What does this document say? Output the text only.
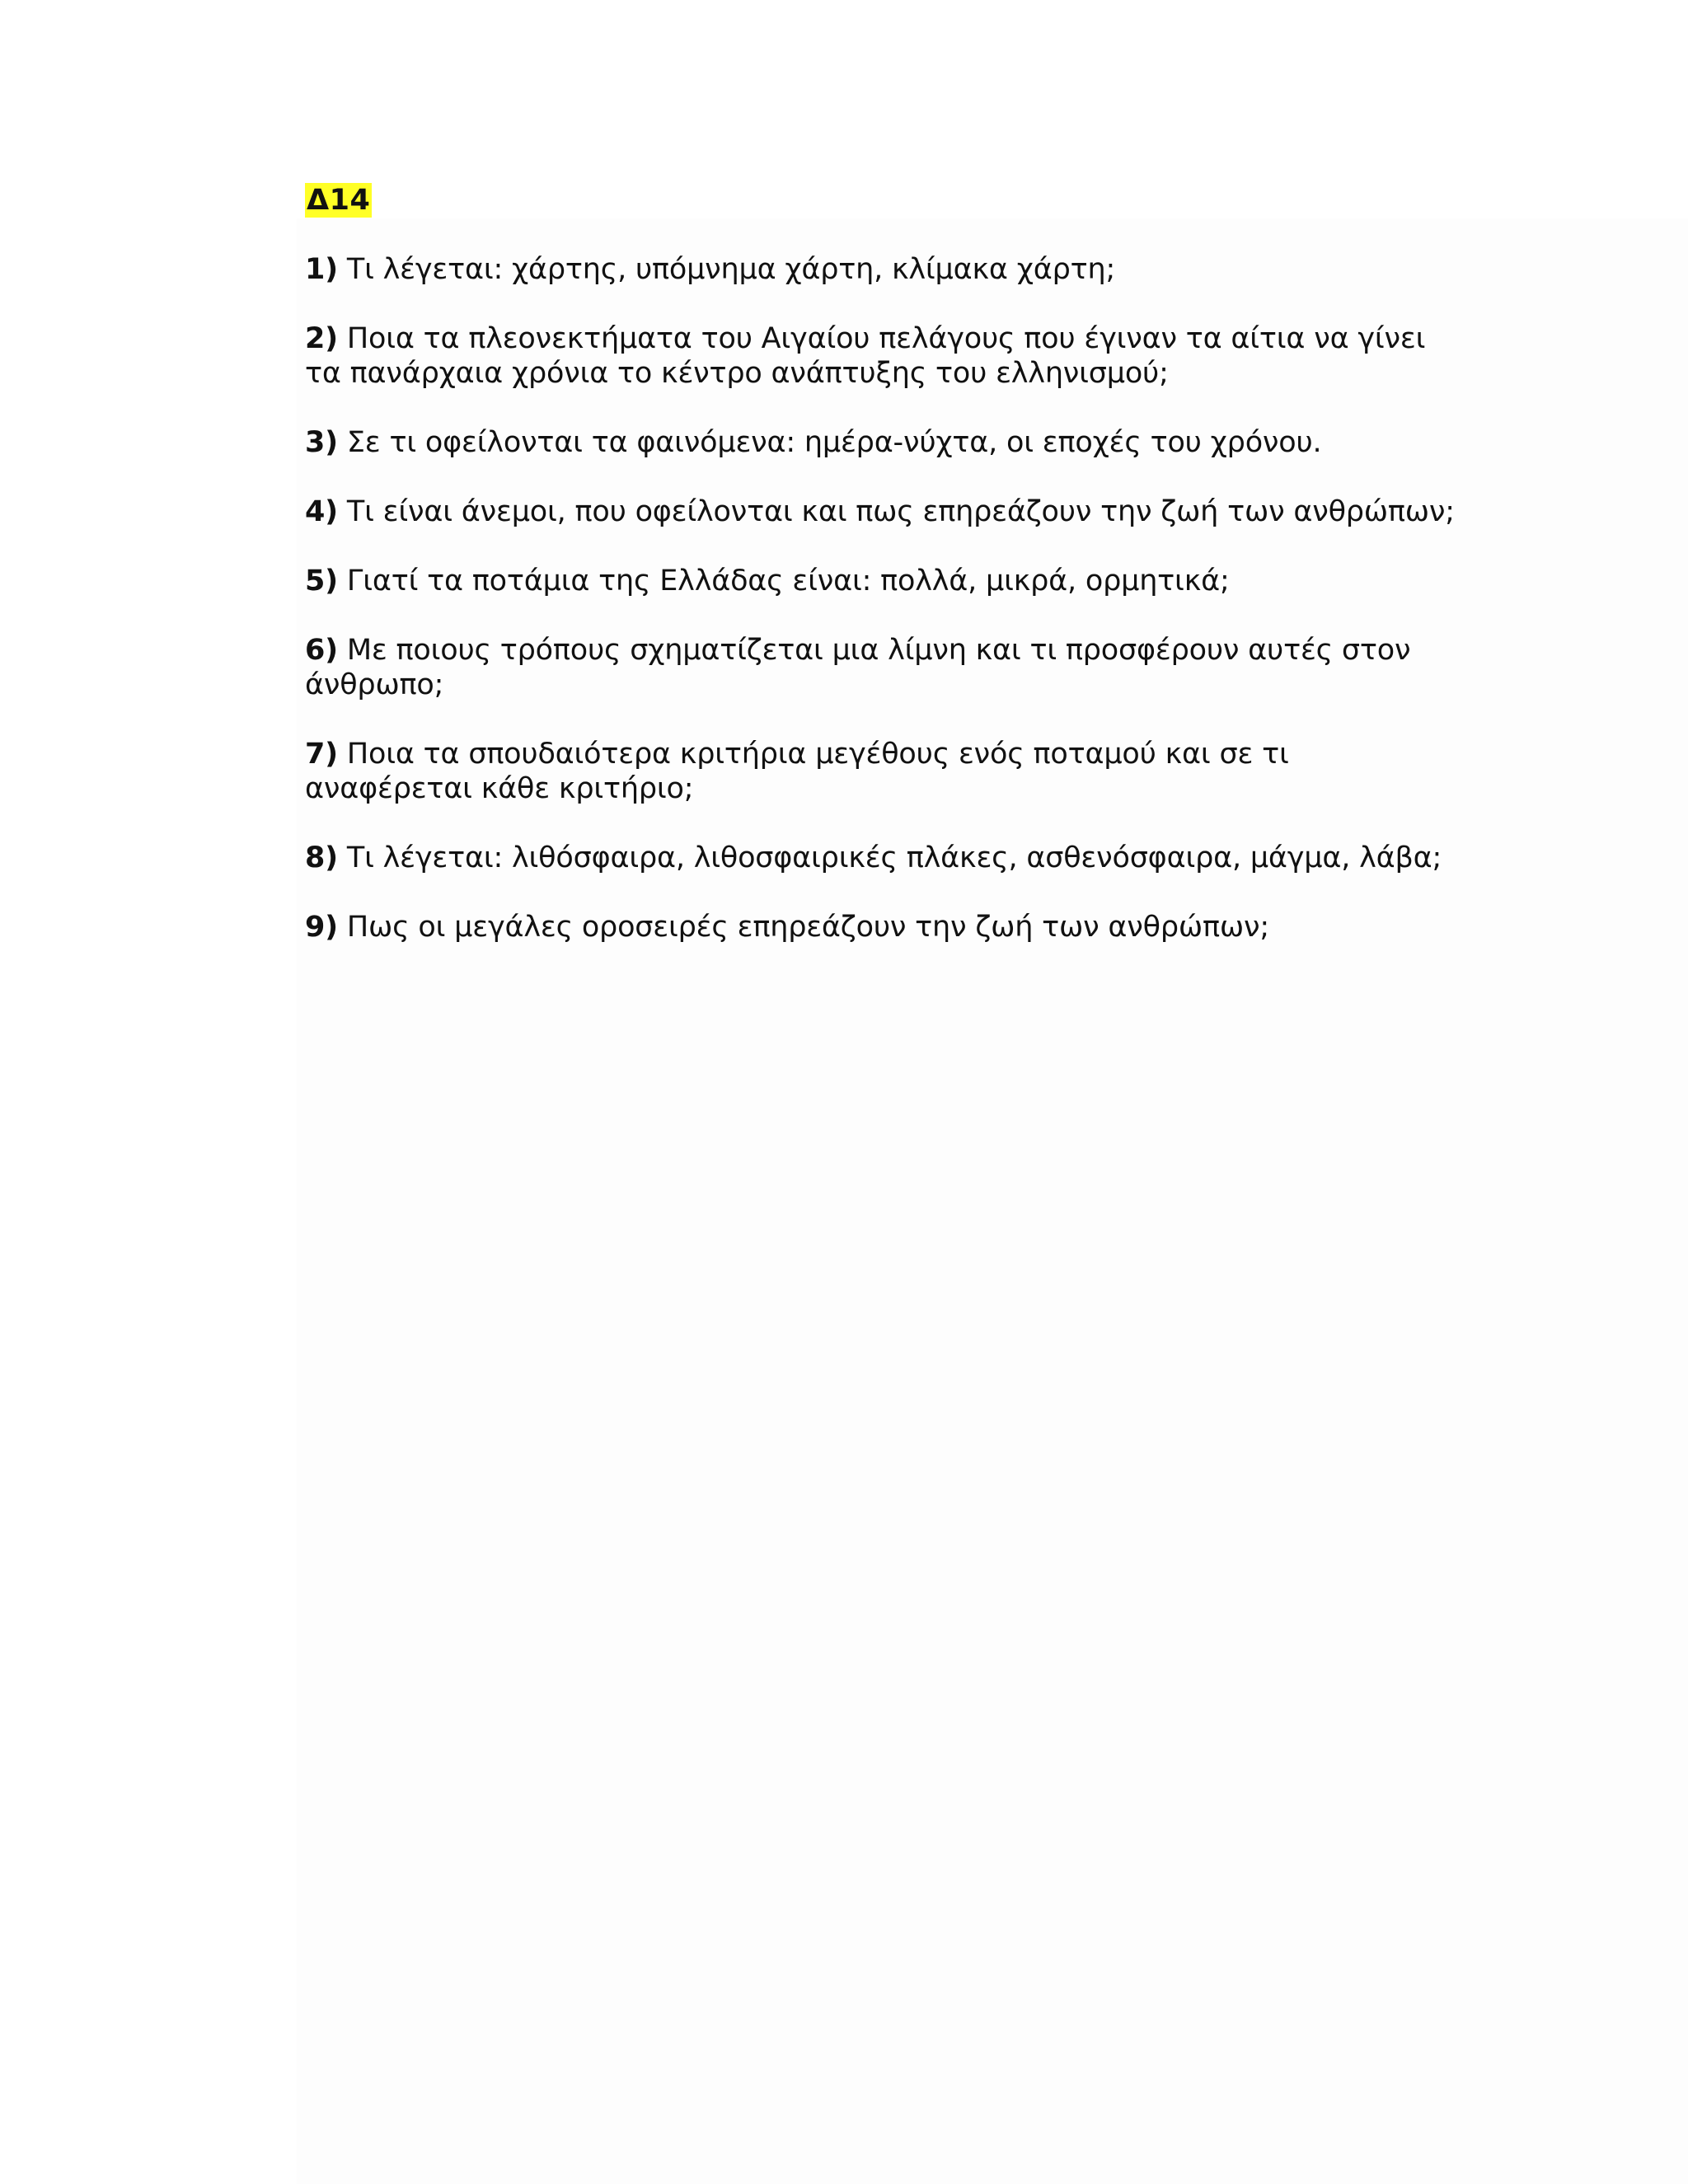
Δ14

1) Τι λέγεται: χάρτης, υπόμνημα χάρτη, κλίμακα χάρτη;

2) Ποια τα πλεονεκτήματα του Αιγαίου πελάγους που έγιναν τα αίτια να γίνει τα πανάρχαια χρόνια το κέντρο ανάπτυξης του ελληνισμού;

3) Σε τι οφείλονται τα φαινόμενα: ημέρα-νύχτα, οι εποχές του χρόνου.

4) Τι είναι άνεμοι, που οφείλονται και πως επηρεάζουν την ζωή των ανθρώπων;

5) Γιατί τα ποτάμια της Ελλάδας είναι: πολλά, μικρά, ορμητικά;

6) Με ποιους τρόπους σχηματίζεται μια λίμνη και τι προσφέρουν αυτές στον άνθρωπο;

7) Ποια τα σπουδαιότερα κριτήρια μεγέθους ενός ποταμού και σε τι αναφέρεται κάθε κριτήριο;

8) Τι λέγεται: λιθόσφαιρα, λιθοσφαιρικές πλάκες, ασθενόσφαιρα, μάγμα, λάβα;

9) Πως οι μεγάλες οροσειρές επηρεάζουν την ζωή των ανθρώπων;
